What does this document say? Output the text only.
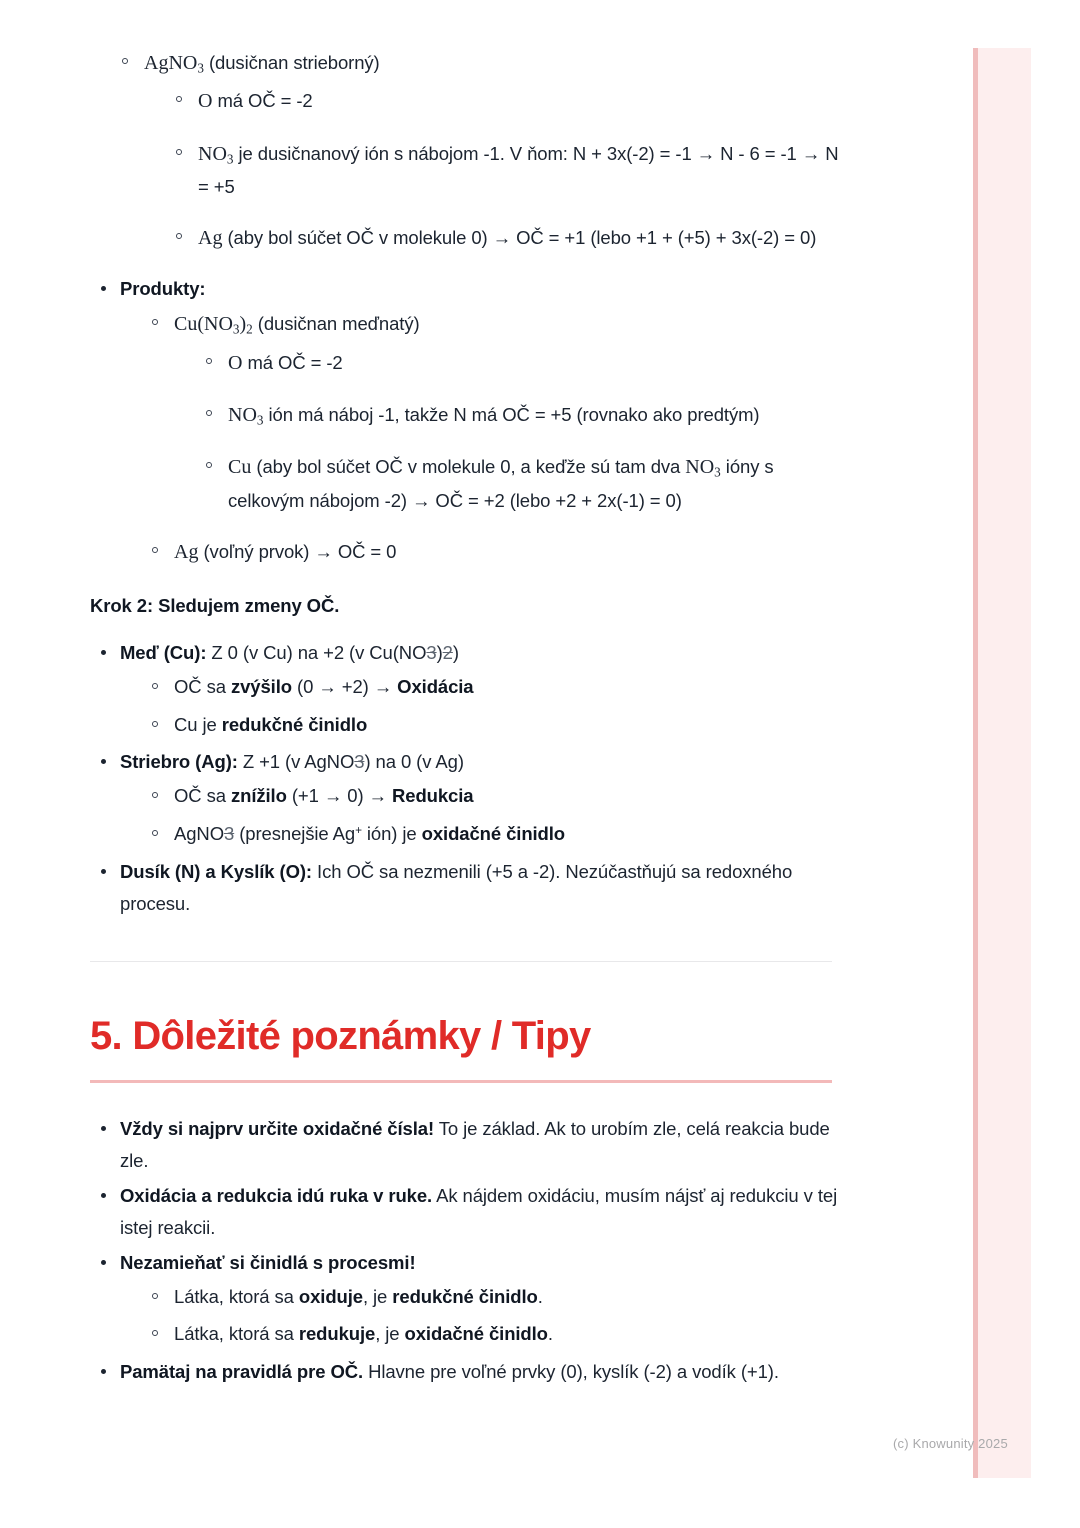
(c) Knowunity 2025
AgNO$_3$ (dusičnan strieborný)
O má OČ = -2
$NO_3$ je dusičnanový ión s nábojom -1. V ňom: N + 3x(-2) = -1 → N - 6 = -1 → N = +5
Ag (aby bol súčet OČ v molekule 0) → OČ = +1 (lebo +1 + (+5) + 3x(-2) = 0)
Produkty:
$Cu(NO_3)_2$ (dusičnan meďnatý)
O má OČ = -2
$NO_3$ ión má náboj -1, takže N má OČ = +5 (rovnako ako predtým)
Cu (aby bol súčet OČ v molekule 0, a keďže sú tam dva $NO_3$ ióny s celkovým nábojom -2) → OČ = +2 (lebo +2 + 2x(-1) = 0)
Ag (voľný prvok) → OČ = 0
Krok 2: Sledujem zmeny OČ.
Meď (Cu): Z 0 (v Cu) na +2 (v Cu(NO3)2)
OČ sa zvýšilo (0 → +2) → Oxidácia
Cu je redukčné činidlo
Striebro (Ag): Z +1 (v AgNO3) na 0 (v Ag)
OČ sa znížilo (+1 → 0) → Redukcia
AgNO3 (presnejšie Ag+ ión) je oxidačné činidlo
Dusík (N) a Kyslík (O): Ich OČ sa nezmenili (+5 a -2). Nezúčastňujú sa redoxného procesu.
5. Dôležité poznámky / Tipy
Vždy si najprv určite oxidačné čísla! To je základ. Ak to urobím zle, celá reakcia bude zle.
Oxidácia a redukcia idú ruka v ruke. Ak nájdem oxidáciu, musím nájsť aj redukciu v tej istej reakcii.
Nezamieňať si činidlá s procesmi!
Látka, ktorá sa oxiduje, je redukčné činidlo.
Látka, ktorá sa redukuje, je oxidačné činidlo.
Pamätaj na pravidlá pre OČ. Hlavne pre voľné prvky (0), kyslík (-2) a vodík (+1).
